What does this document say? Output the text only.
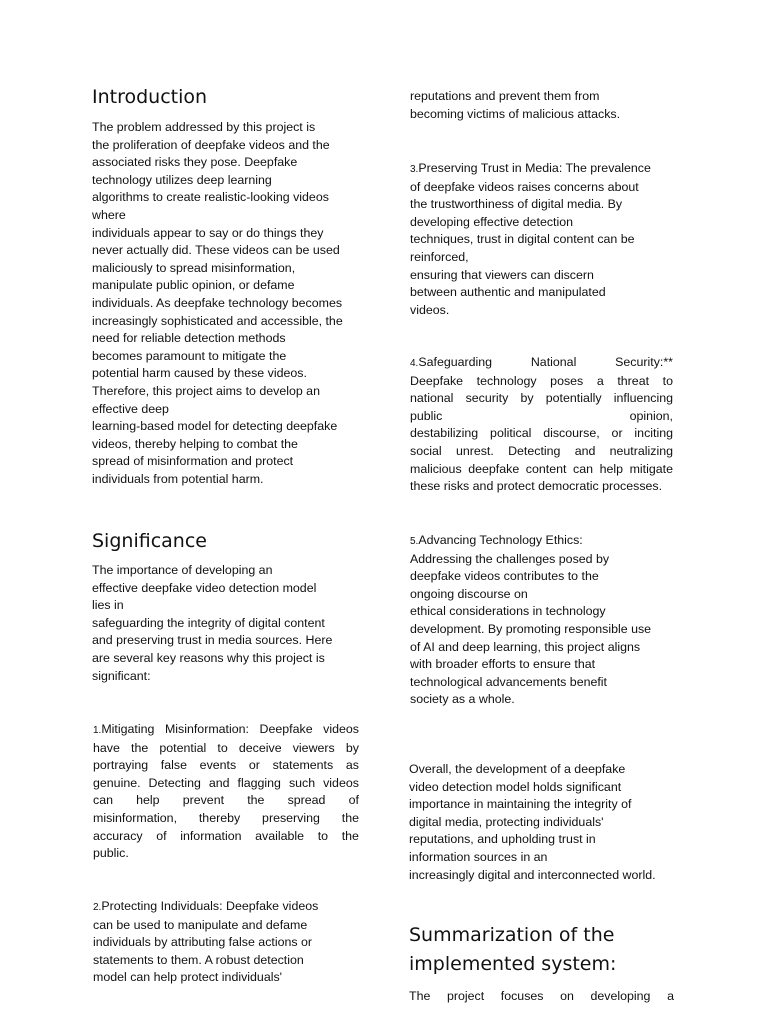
Introduction
The problem addressed by this project is
the proliferation of deepfake videos and the
associated risks they pose. Deepfake
technology utilizes deep learning
algorithms to create realistic-looking videos
where
individuals appear to say or do things they
never actually did. These videos can be used
maliciously to spread misinformation,
manipulate public opinion, or defame
individuals. As deepfake technology becomes
increasingly sophisticated and accessible, the
need for reliable detection methods
becomes paramount to mitigate the
potential harm caused by these videos.
Therefore, this project aims to develop an
effective deep
learning-based model for detecting deepfake
videos, thereby helping to combat the
spread of misinformation and protect
individuals from potential harm.
Significance
The importance of developing an
effective deepfake video detection model
lies in
safeguarding the integrity of digital content
and preserving trust in media sources. Here
are several key reasons why this project is
significant:
1.Mitigating Misinformation: Deepfake videos
have the potential to deceive viewers by
portraying false events or statements as
genuine. Detecting and flagging such videos
can help prevent the spread of
misinformation, thereby preserving the
accuracy of information available to the
public.
2.Protecting Individuals: Deepfake videos
can be used to manipulate and defame
individuals by attributing false actions or
statements to them. A robust detection
model can help protect individuals'
reputations and prevent them from
becoming victims of malicious attacks.
3.Preserving Trust in Media: The prevalence
of deepfake videos raises concerns about
the trustworthiness of digital media. By
developing effective detection
techniques, trust in digital content can be
reinforced,
ensuring that viewers can discern
between authentic and manipulated
videos.
4.Safeguarding	National	Security:**
Deepfake technology poses a threat to
national security by potentially influencing
public	opinion,
destabilizing political discourse, or inciting
social unrest. Detecting and neutralizing
malicious deepfake content can help mitigate
these risks and protect democratic processes.
5.Advancing Technology Ethics:
Addressing the challenges posed by
deepfake videos contributes to the
ongoing discourse on
ethical considerations in technology
development. By promoting responsible use
of AI and deep learning, this project aligns
with broader efforts to ensure that
technological advancements benefit
society as a whole.
Overall, the development of a deepfake
video detection model holds significant
importance in maintaining the integrity of
digital media, protecting individuals'
reputations, and upholding trust in
information sources in an
increasingly digital and interconnected world.
Summarization of the
implemented system:
The project focuses on developing a
